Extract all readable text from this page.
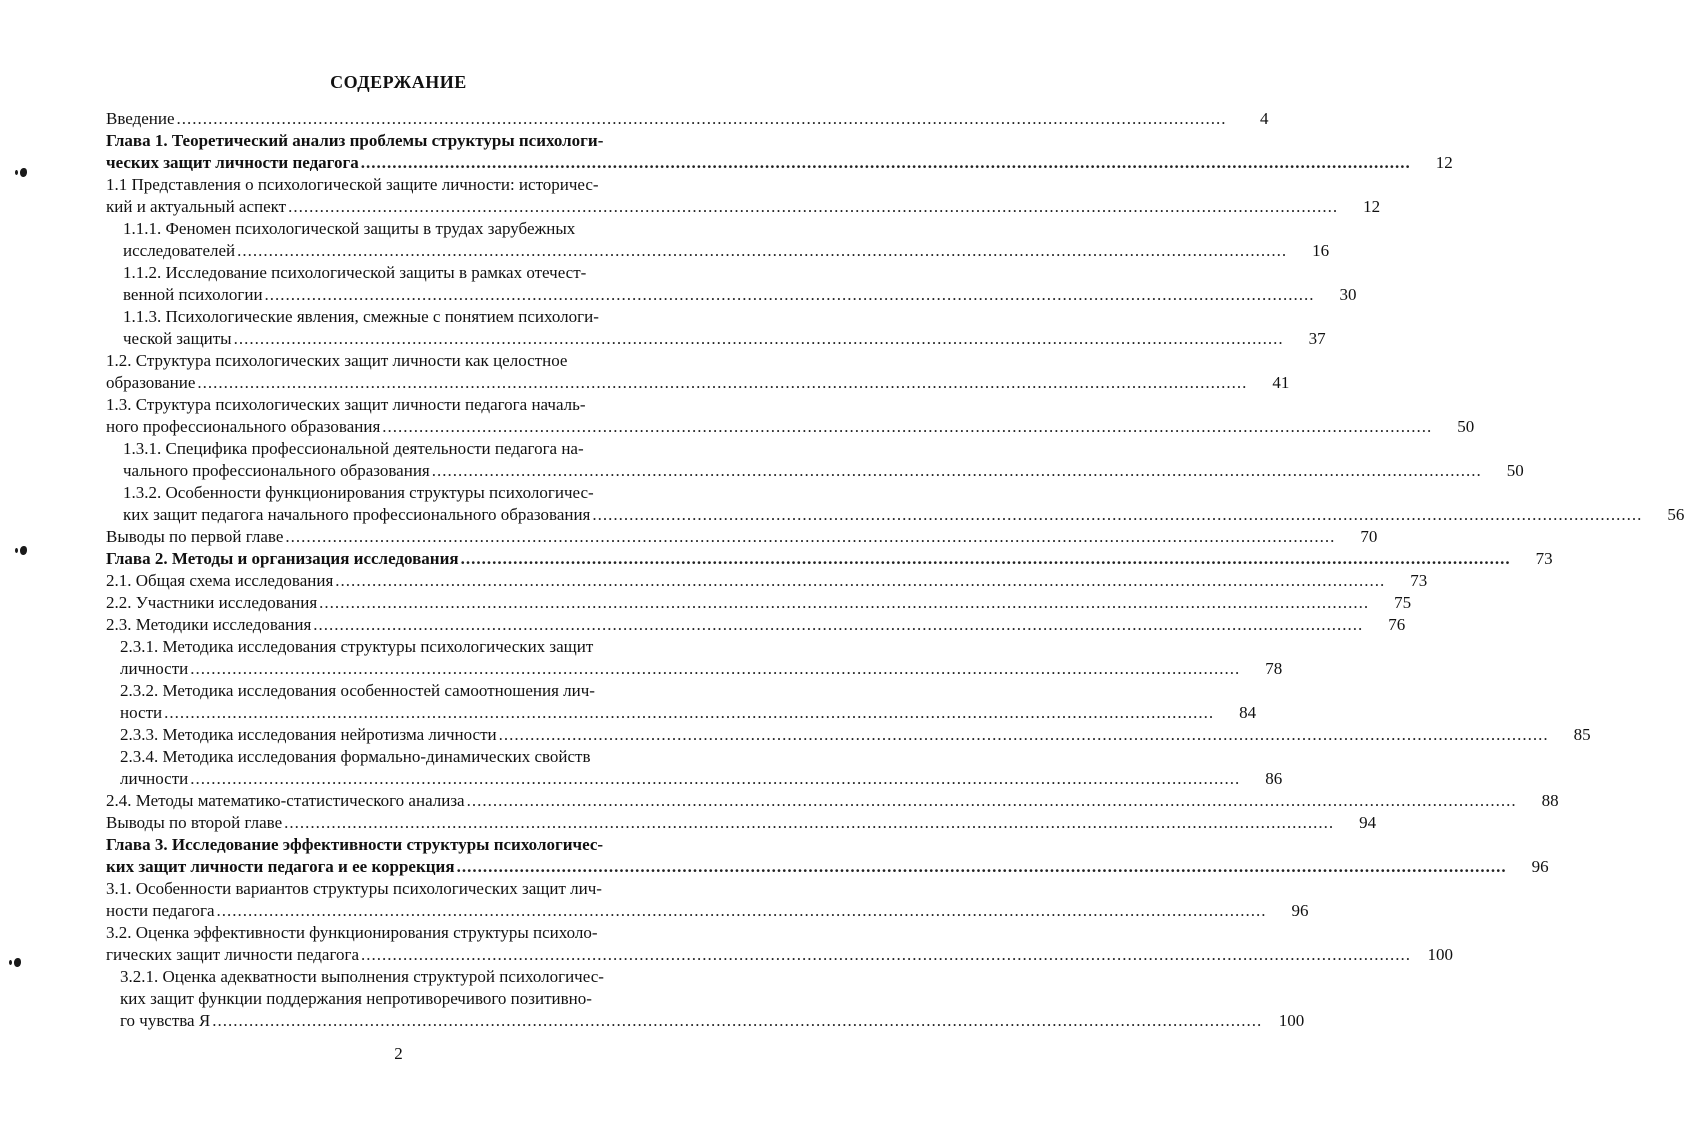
СОДЕРЖАНИЕ
Введение ........................................................................................................................................................................................................	4
Глава 1. Теоретический анализ проблемы структуры психологи-
ческих защит личности педагога ........................................................................................................................................................................................................	12
1.1 Представления о психологической защите личности: историчес-
кий и актуальный аспект ........................................................................................................................................................................................................	12
1.1.1. Феномен психологической защиты в трудах зарубежных
исследователей ........................................................................................................................................................................................................	16
1.1.2. Исследование психологической защиты в рамках отечест-
венной психологии ........................................................................................................................................................................................................	30
1.1.3. Психологические явления, смежные с понятием психологи-
ческой защиты ........................................................................................................................................................................................................	37
1.2. Структура психологических защит личности как целостное
образование ........................................................................................................................................................................................................	41
1.3. Структура психологических защит личности педагога началь-
ного профессионального образования ........................................................................................................................................................................................................	50
1.3.1. Специфика профессиональной деятельности педагога на-
чального профессионального образования ........................................................................................................................................................................................................	50
1.3.2. Особенности функционирования структуры психологичес-
ких защит педагога начального профессионального образования ........................................................................................................................................................................................................	56
Выводы по первой главе ........................................................................................................................................................................................................	70
Глава 2. Методы и организация исследования ........................................................................................................................................................................................................	73
2.1. Общая схема исследования ........................................................................................................................................................................................................	73
2.2. Участники исследования ........................................................................................................................................................................................................	75
2.3. Методики исследования ........................................................................................................................................................................................................	76
2.3.1. Методика исследования структуры психологических защит
личности ........................................................................................................................................................................................................	78
2.3.2. Методика исследования особенностей самоотношения лич-
ности ........................................................................................................................................................................................................	84
2.3.3. Методика исследования нейротизма личности ........................................................................................................................................................................................................	85
2.3.4. Методика исследования формально-динамических свойств
личности ........................................................................................................................................................................................................	86
2.4. Методы математико-статистического анализа ........................................................................................................................................................................................................	88
Выводы по второй главе ........................................................................................................................................................................................................	94
Глава 3. Исследование эффективности структуры психологичес-
ких защит личности педагога и ее коррекция ........................................................................................................................................................................................................	96
3.1. Особенности вариантов структуры психологических защит лич-
ности педагога ........................................................................................................................................................................................................	96
3.2. Оценка эффективности функционирования структуры психоло-
гических защит личности педагога ........................................................................................................................................................................................................ 100
3.2.1. Оценка адекватности выполнения структурой психологичес-
ких защит функции поддержания непротиворечивого позитивно-
го чувства Я ........................................................................................................................................................................................................ 100
2
